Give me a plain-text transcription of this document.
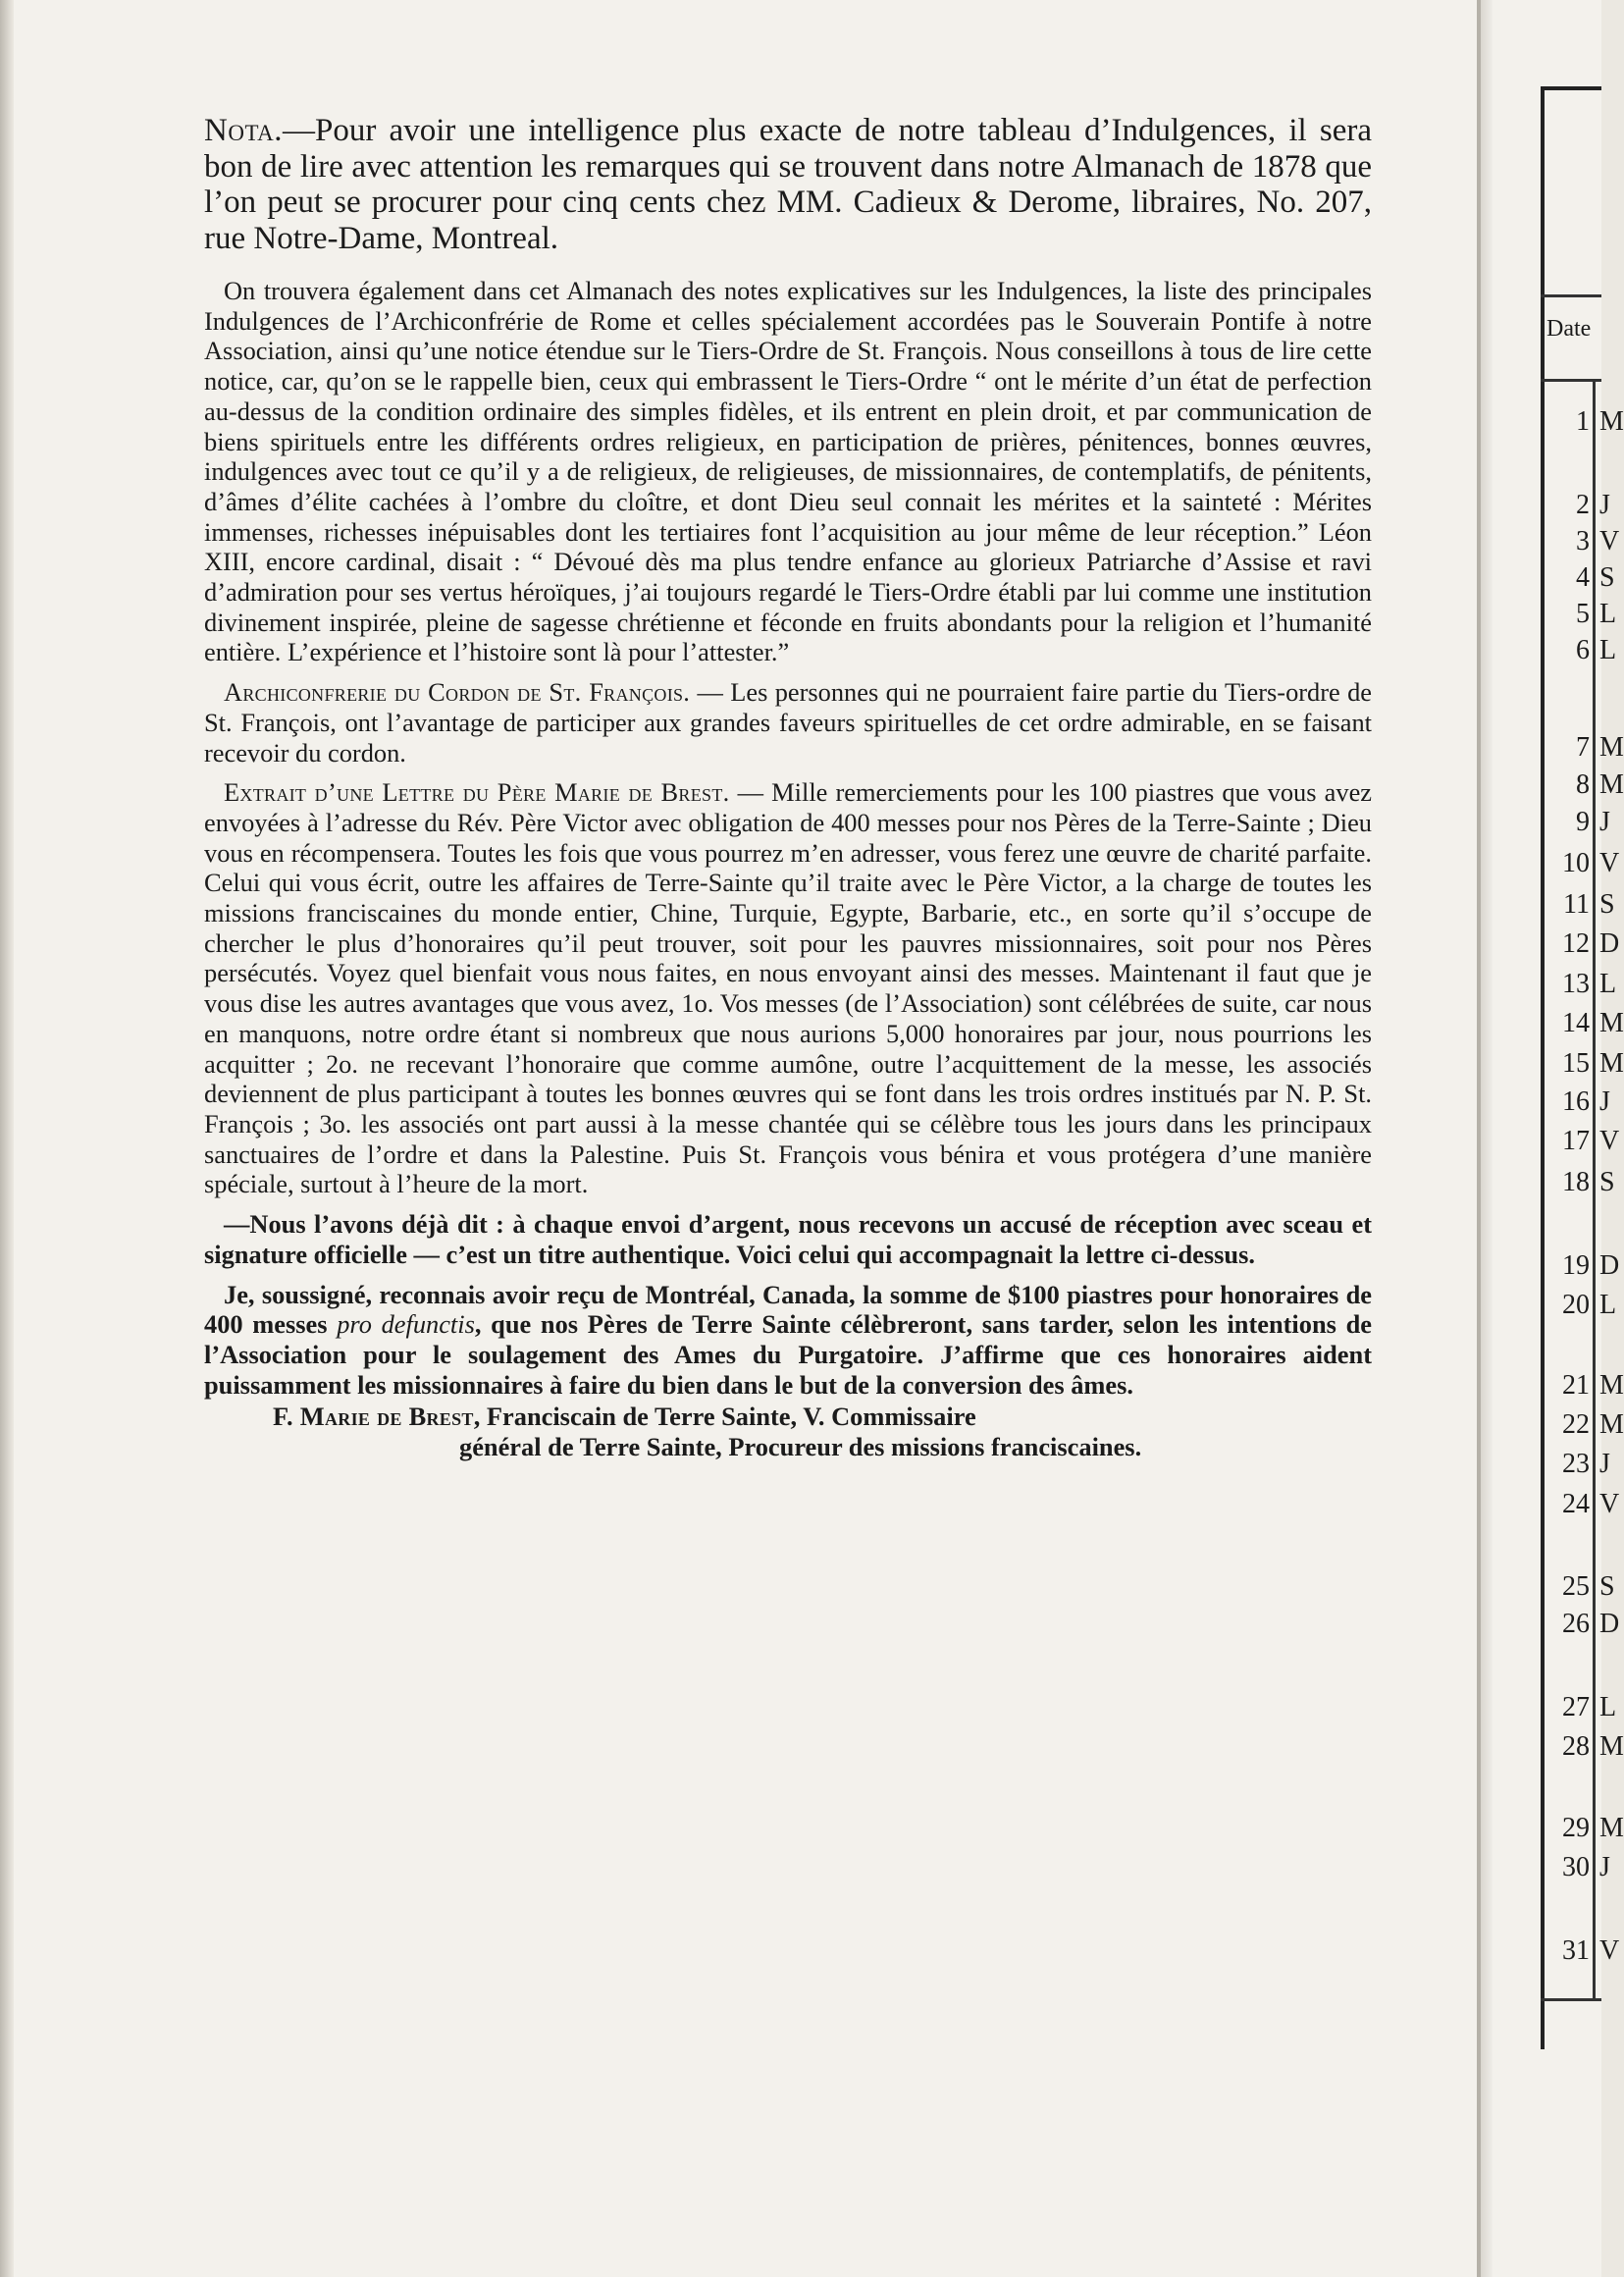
Nota.—Pour avoir une intelligence plus exacte de notre tableau d’Indulgences, il sera bon de lire avec attention les remarques qui se trouvent dans notre Almanach de 1878 que l’on peut se procurer pour cinq cents chez MM. Cadieux & Derome, libraires, No. 207, rue Notre-Dame, Montreal.

On trouvera également dans cet Almanach des notes explicatives sur les Indulgences, la liste des principales Indulgences de l’Archiconfrérie de Rome et celles spécialement accordées pas le Souverain Pontife à notre Association, ainsi qu’une notice étendue sur le Tiers-Ordre de St. François. Nous conseillons à tous de lire cette notice, car, qu’on se le rappelle bien, ceux qui embrassent le Tiers-Ordre “ ont le mérite d’un état de perfection au-dessus de la condition ordinaire des simples fidèles, et ils entrent en plein droit, et par communication de biens spirituels entre les différents ordres religieux, en participation de prières, pénitences, bonnes œuvres, indulgences avec tout ce qu’il y a de religieux, de religieuses, de missionnaires, de contemplatifs, de pénitents, d’âmes d’élite cachées à l’ombre du cloître, et dont Dieu seul connait les mérites et la sainteté : Mérites immenses, richesses inépuisables dont les tertiaires font l’acquisition au jour même de leur réception.” Léon XIII, encore cardinal, disait : “ Dévoué dès ma plus tendre enfance au glorieux Patriarche d’Assise et ravi d’admiration pour ses vertus héroïques, j’ai toujours regardé le Tiers-Ordre établi par lui comme une institution divinement inspirée, pleine de sagesse chrétienne et féconde en fruits abondants pour la religion et l’humanité entière. L’expérience et l’histoire sont là pour l’attester.”

Archiconfrerie du Cordon de St. François. — Les personnes qui ne pourraient faire partie du Tiers-ordre de St. François, ont l’avantage de participer aux grandes faveurs spirituelles de cet ordre admirable, en se faisant recevoir du cordon.

Extrait d’une Lettre du Père Marie de Brest. — Mille remerciements pour les 100 piastres que vous avez envoyées à l’adresse du Rév. Père Victor avec obligation de 400 messes pour nos Pères de la Terre-Sainte ; Dieu vous en récompensera. Toutes les fois que vous pourrez m’en adresser, vous ferez une œuvre de charité parfaite. Celui qui vous écrit, outre les affaires de Terre-Sainte qu’il traite avec le Père Victor, a la charge de toutes les missions franciscaines du monde entier, Chine, Turquie, Egypte, Barbarie, etc., en sorte qu’il s’occupe de chercher le plus d’honoraires qu’il peut trouver, soit pour les pauvres missionnaires, soit pour nos Pères persécutés. Voyez quel bienfait vous nous faites, en nous envoyant ainsi des messes. Maintenant il faut que je vous dise les autres avantages que vous avez, 1o. Vos messes (de l’Association) sont célébrées de suite, car nous en manquons, notre ordre étant si nombreux que nous aurions 5,000 honoraires par jour, nous pourrions les acquitter ; 2o. ne recevant l’honoraire que comme aumône, outre l’acquittement de la messe, les associés deviennent de plus participant à toutes les bonnes œuvres qui se font dans les trois ordres institués par N. P. St. François ; 3o. les associés ont part aussi à la messe chantée qui se célèbre tous les jours dans les principaux sanctuaires de l’ordre et dans la Palestine. Puis St. François vous bénira et vous protégera d’une manière spéciale, surtout à l’heure de la mort.

—Nous l’avons déjà dit : à chaque envoi d’argent, nous recevons un accusé de réception avec sceau et signature officielle — c’est un titre authentique. Voici celui qui accompagnait la lettre ci-dessus.

Je, soussigné, reconnais avoir reçu de Montréal, Canada, la somme de $100 piastres pour honoraires de 400 messes pro defunctis, que nos Pères de Terre Sainte célèbreront, sans tarder, selon les intentions de l’Association pour le soulagement des Ames du Purgatoire. J’affirme que ces honoraires aident puissamment les missionnaires à faire du bien dans le but de la conversion des âmes.

F. Marie de Brest, Franciscain de Terre Sainte, V. Commissaire

général de Terre Sainte, Procureur des missions franciscaines.

Date
1 M
2 J
3 V
4 S
5 L
6 L
7 M
8 M
9 J
10 V
11 S
12 D
13 L
14 M
15 M
16 J
17 V
18 S
19 D
20 L
21 M
22 M
23 J
24 V
25 S
26 D
27 L
28 M
29 M
30 J
31 V
